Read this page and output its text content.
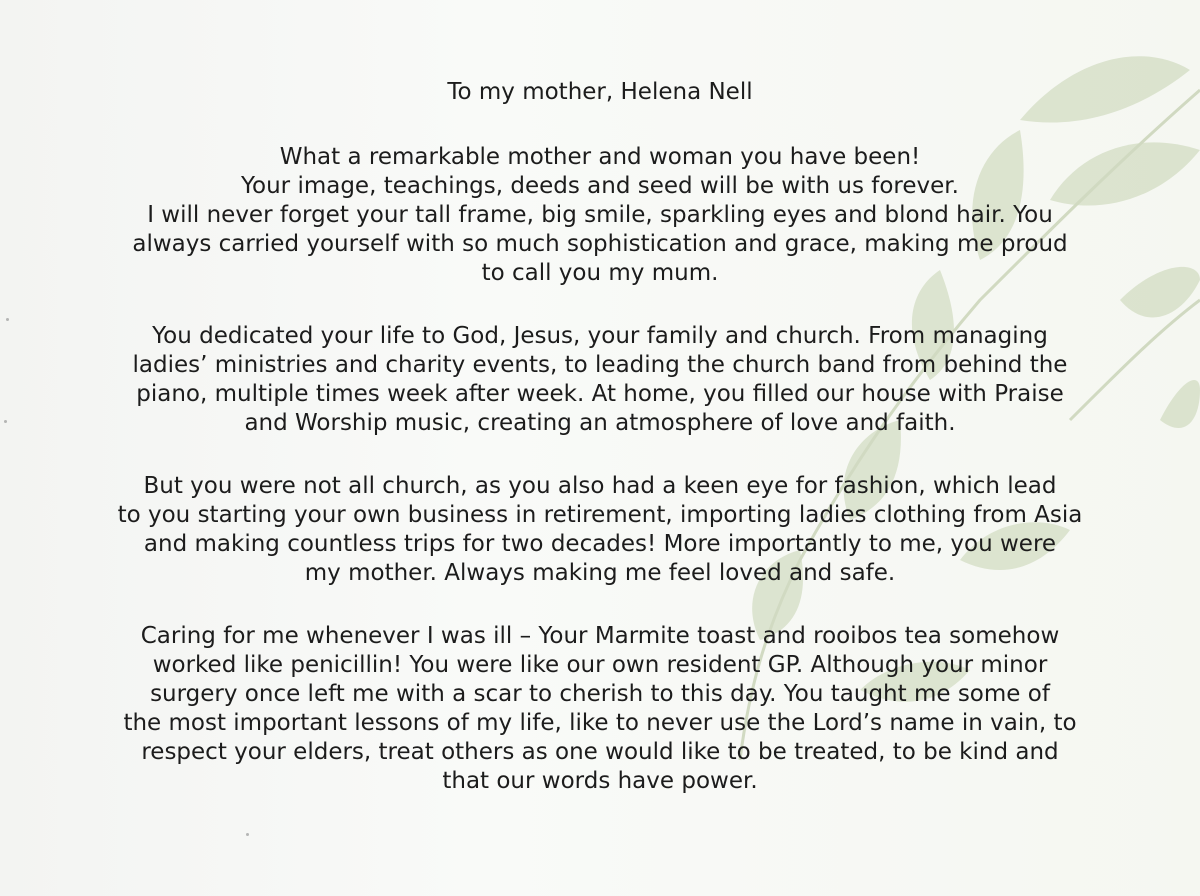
To my mother, Helena Nell

What a remarkable mother and woman you have been!
Your image, teachings, deeds and seed will be with us forever.
I will never forget your tall frame, big smile, sparkling eyes and blond hair. You
always carried yourself with so much sophistication and grace, making me proud
to call you my mum.

You dedicated your life to God, Jesus, your family and church. From managing
ladies’ ministries and charity events, to leading the church band from behind the
piano, multiple times week after week. At home, you filled our house with Praise
and Worship music, creating an atmosphere of love and faith.

But you were not all church, as you also had a keen eye for fashion, which lead
to you starting your own business in retirement, importing ladies clothing from Asia
and making countless trips for two decades! More importantly to me, you were
my mother. Always making me feel loved and safe.

Caring for me whenever I was ill – Your Marmite toast and rooibos tea somehow
worked like penicillin! You were like our own resident GP. Although your minor
surgery once left me with a scar to cherish to this day. You taught me some of
the most important lessons of my life, like to never use the Lord’s name in vain, to
respect your elders, treat others as one would like to be treated, to be kind and
that our words have power.
